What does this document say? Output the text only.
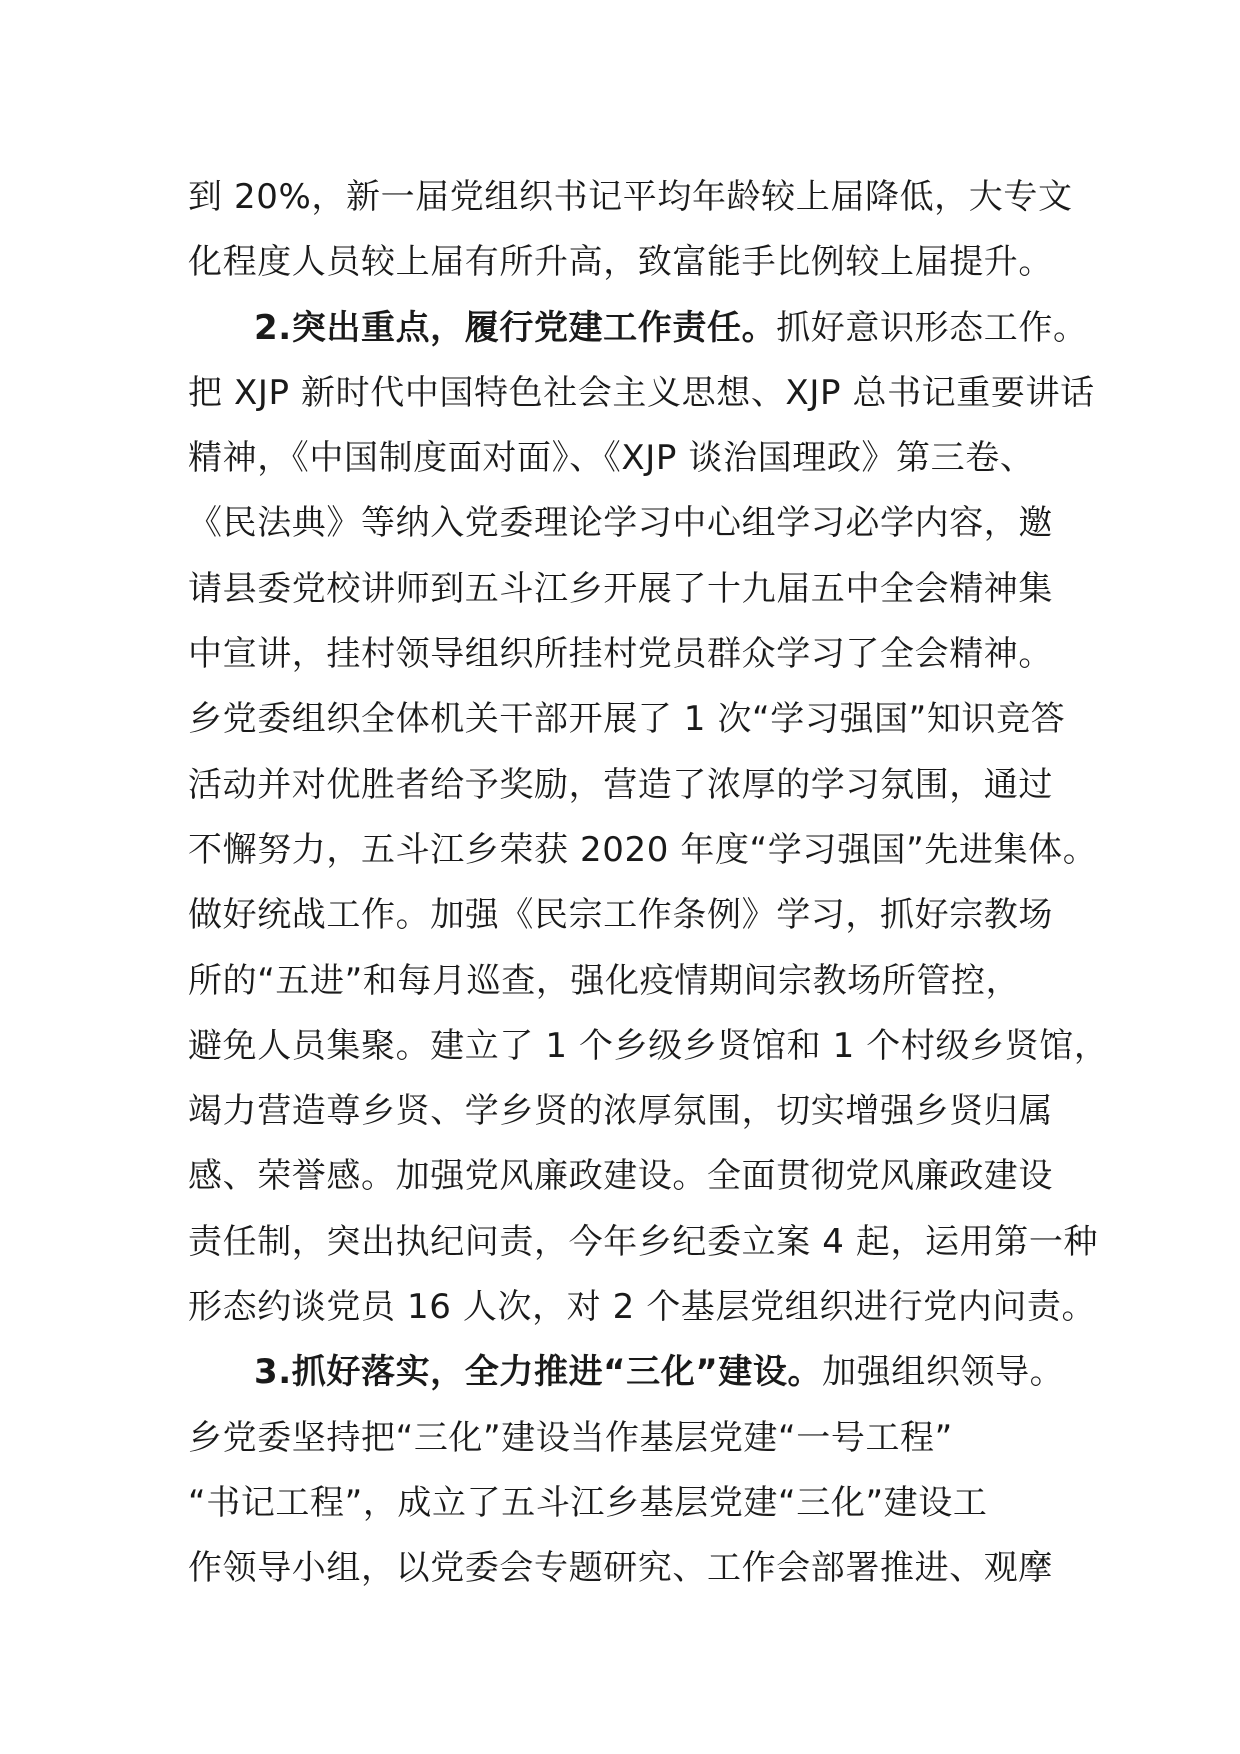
到 20%，新一届党组织书记平均年龄较上届降低，大专文
化程度人员较上届有所升高，致富能手比例较上届提升。
2.突出重点，履行党建工作责任。抓好意识形态工作。
把 XJP 新时代中国特色社会主义思想、XJP 总书记重要讲话
精神，《中国制度面对面》、《XJP 谈治国理政》第三卷、
《民法典》等纳入党委理论学习中心组学习必学内容，邀
请县委党校讲师到五斗江乡开展了十九届五中全会精神集
中宣讲，挂村领导组织所挂村党员群众学习了全会精神。
乡党委组织全体机关干部开展了 1 次“学习强国”知识竞答
活动并对优胜者给予奖励，营造了浓厚的学习氛围，通过
不懈努力，五斗江乡荣获 2020 年度“学习强国”先进集体。
做好统战工作。加强《民宗工作条例》学习，抓好宗教场
所的“五进”和每月巡查，强化疫情期间宗教场所管控，
避免人员集聚。建立了 1 个乡级乡贤馆和 1 个村级乡贤馆，
竭力营造尊乡贤、学乡贤的浓厚氛围，切实增强乡贤归属
感、荣誉感。加强党风廉政建设。全面贯彻党风廉政建设
责任制，突出执纪问责，今年乡纪委立案 4 起，运用第一种
形态约谈党员 16 人次，对 2 个基层党组织进行党内问责。
3.抓好落实，全力推进“三化”建设。加强组织领导。
乡党委坚持把“三化”建设当作基层党建“一号工程”
“书记工程”，成立了五斗江乡基层党建“三化”建设工
作领导小组，以党委会专题研究、工作会部署推进、观摩
